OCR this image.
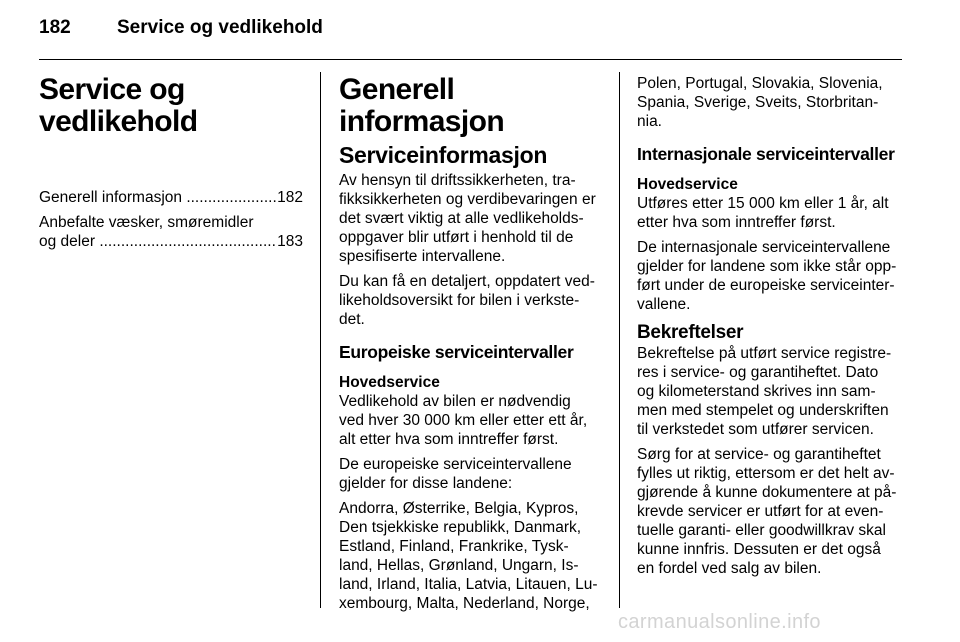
182 Service og vedlikehold
Service og
vedlikehold
Generell informasjon .....	182
Anbefalte væsker, smøremidler
og deler .....	183
Generell informasjon
Serviceinformasjon

Av hensyn til driftssikkerheten, tra-
fikksikkerheten og verdibevaringen er
det svært viktig at alle vedlikeholds-
oppgaver blir utført i henhold til de
spesifiserte intervallene.

Du kan få en detaljert, oppdatert ved-
likeholdsoversikt for bilen i verkste-
det.

Europeiske serviceintervaller
Hovedservice

Vedlikehold av bilen er nødvendig
ved hver 30 000 km eller etter ett år,
alt etter hva som inntreffer først.

De europeiske serviceintervallene
gjelder for disse landene:

Andorra, Østerrike, Belgia, Kypros,
Den tsjekkiske republikk, Danmark,
Estland, Finland, Frankrike, Tysk-
land, Hellas, Grønland, Ungarn, Is-
land, Irland, Italia, Latvia, Litauen, Lu-
xembourg, Malta, Nederland, Norge,

Polen, Portugal, Slovakia, Slovenia,
Spania, Sverige, Sveits, Storbritan-
nia.

Internasjonale serviceintervaller
Hovedservice

Utføres etter 15 000 km eller 1 år, alt
etter hva som inntreffer først.

De internasjonale serviceintervallene
gjelder for landene som ikke står opp-
ført under de europeiske serviceinter-
vallene.

Bekreftelser

Bekreftelse på utført service registre-
res i service- og garantiheftet. Dato
og kilometerstand skrives inn sam-
men med stempelet og underskriften
til verkstedet som utfører servicen.

Sørg for at service- og garantiheftet
fylles ut riktig, ettersom er det helt av-
gjørende å kunne dokumentere at på-
krevde servicer er utført for at even-
tuelle garanti- eller goodwillkrav skal
kunne innfris. Dessuten er det også
en fordel ved salg av bilen.

carmanualsonline.info
